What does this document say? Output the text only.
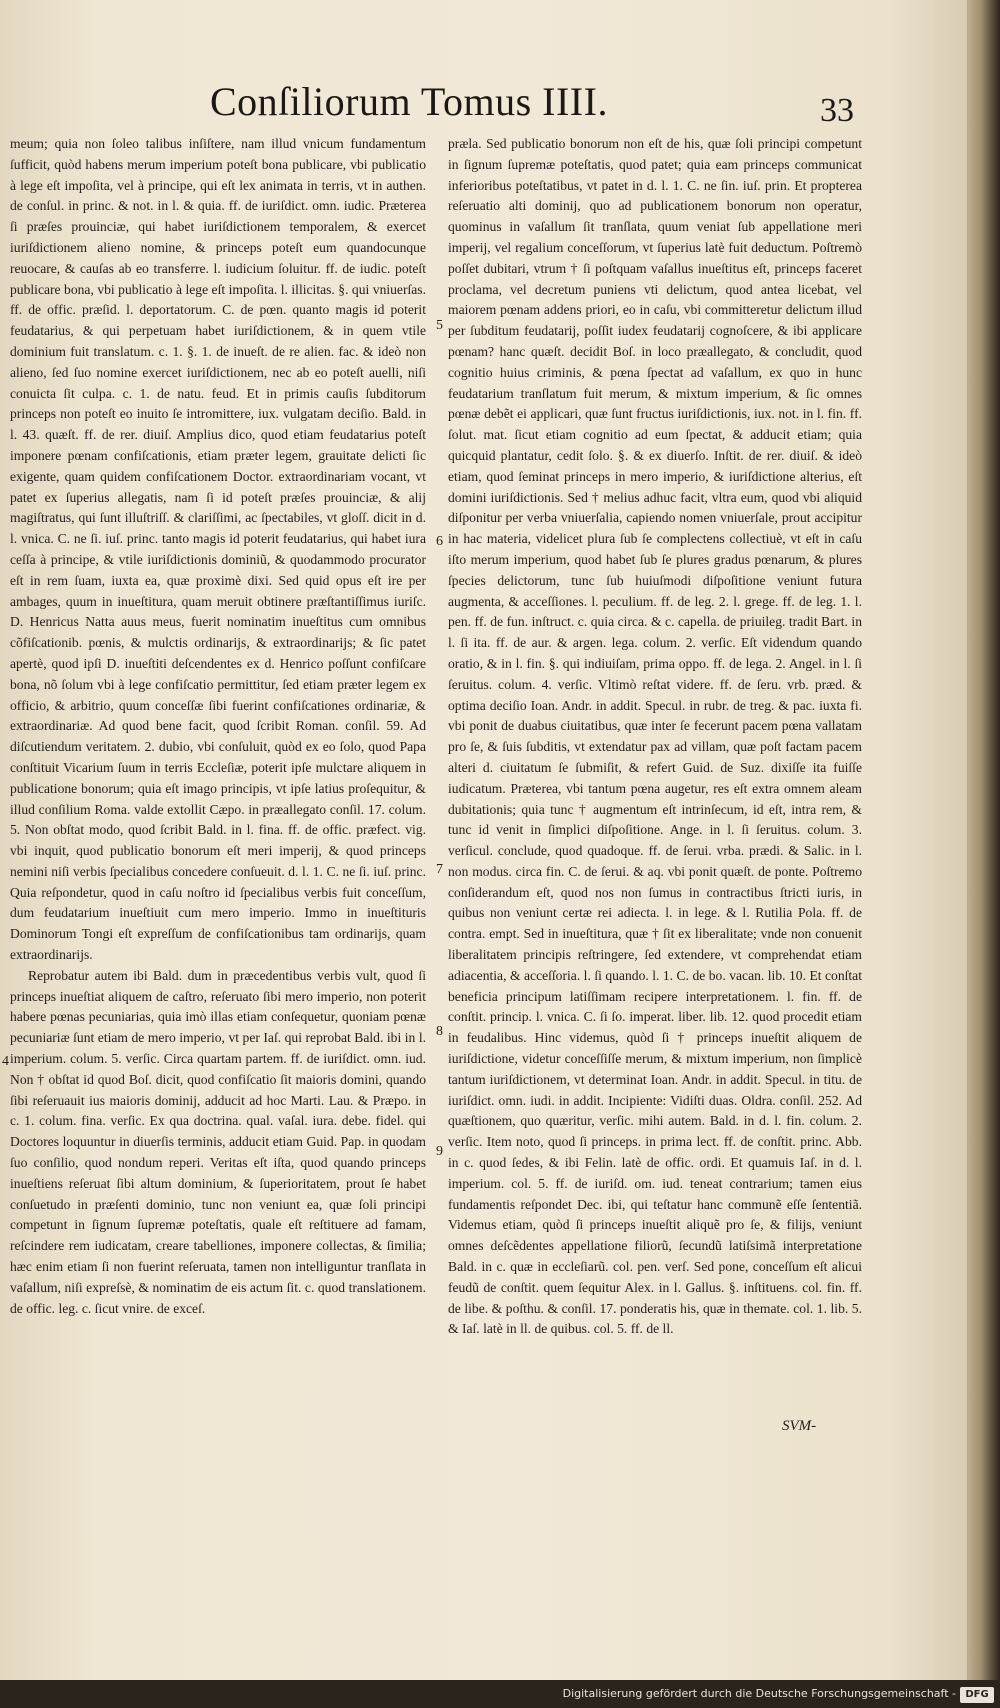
Conſiliorum Tomus IIII.	33

meum; quia non ſoleo talibus inſiſtere, nam illud vnicum fundamentum ſufficit, quòd habens merum imperium poteſt bona publicare, vbi publicatio à lege eſt impoſita, vel à principe, qui eſt lex animata in terris, vt in authen. de conſul. in princ. & not. in l. & quia. ff. de iuriſdict. omn. iudic. Præterea ſi præſes prouinciæ, qui habet iuriſdictionem temporalem, & exercet iuriſdictionem alieno nomine, & princeps poteſt eum quandocunque reuocare, & cauſas ab eo transferre. l. iudicium ſoluitur. ff. de iudic. poteſt publicare bona, vbi publicatio à lege eſt impoſita. l. illicitas. §. qui vniuerſas. ff. de offic. præſid. l. deportatorum. C. de pœn. quanto magis id poterit feudatarius, & qui perpetuam habet iuriſdictionem, & in quem vtile dominium fuit translatum. c. 1. §. 1. de inueſt. de re alien. fac. & ideò non alieno, ſed ſuo nomine exercet iuriſdictionem, nec ab eo poteſt auelli, niſi conuicta ſit culpa. c. 1. de natu. feud. Et in primis cauſis ſubditorum princeps non poteſt eo inuito ſe intromittere, iux. vulgatam deciſio. Bald. in l. 43. quæſt. ff. de rer. diuiſ. Amplius dico, quod etiam feudatarius poteſt imponere pœnam confiſcationis, etiam præter legem, grauitate delicti ſic exigente, quam quidem confiſcationem Doctor. extraordinariam vocant, vt patet ex ſuperius allegatis, nam ſi id poteſt præſes prouinciæ, & alij magiſtratus, qui ſunt illuſtriſſ. & clariſſimi, ac ſpectabiles, vt gloſſ. dicit in d. l. vnica. C. ne ſi. iuſ. princ. tanto magis id poterit feudatarius, qui habet iura ceſſa à principe, & vtile iuriſdictionis dominiũ, & quodammodo procurator eſt in rem ſuam, iuxta ea, quæ proximè dixi. Sed quid opus eſt ire per ambages, quum in inueſtitura, quam meruit obtinere præſtantiſſimus iuriſc. D. Henricus Natta auus meus, fuerit nominatim inueſtitus cum omnibus cõfiſcationib. pœnis, & mulctis ordinarijs, & extraordinarijs; & ſic patet apertè, quod ipſi D. inueſtiti deſcendentes ex d. Henrico poſſunt confiſcare bona, nõ ſolum vbi à lege confiſcatio permittitur, ſed etiam præter legem ex officio, & arbitrio, quum conceſſæ ſibi fuerint confiſcationes ordinariæ, & extraordinariæ. Ad quod bene facit, quod ſcribit Roman. conſil. 59. Ad diſcutiendum veritatem. 2. dubio, vbi conſuluit, quòd ex eo ſolo, quod Papa conſtituit Vicarium ſuum in terris Eccleſiæ, poterit ipſe mulctare aliquem in publicatione bonorum; quia eſt imago principis, vt ipſe latius proſequitur, & illud conſilium Roma. valde extollit Cæpo. in præallegato conſil. 17. colum. 5. Non obſtat modo, quod ſcribit Bald. in l. fina. ff. de offic. præfect. vig. vbi inquit, quod publicatio bonorum eſt meri imperij, & quod princeps nemini niſi verbis ſpecialibus concedere conſueuit. d. l. 1. C. ne ſi. iuſ. princ. Quia reſpondetur, quod in caſu noſtro id ſpecialibus verbis fuit conceſſum, dum feudatarium inueſtiuit cum mero imperio. Immo in inueſtituris Dominorum Tongi eſt expreſſum de confiſcationibus tam ordinarijs, quam extraordinarijs.

Reprobatur autem ibi Bald. dum in præcedentibus verbis vult, quod ſi princeps inueſtiat aliquem de caſtro, reſeruato ſibi mero imperio, non poterit habere pœnas pecuniarias, quia imò illas etiam conſequetur, quoniam pœnæ pecuniariæ ſunt etiam de mero imperio, vt per Iaſ. qui reprobat Bald. ibi in l. imperium. colum. 5. verſic. Circa quartam partem. ff. de iuriſdict. omn. iud. Non † obſtat id quod Boſ. dicit, quod confiſcatio ſit maioris domini, quando ſibi reſeruauit ius maioris dominij, adducit ad hoc Marti. Lau. & Præpo. in c. 1. colum. fina. verſic. Ex qua doctrina. qual. vaſal. iura. debe. fidel. qui Doctores loquuntur in diuerſis terminis, adducit etiam Guid. Pap. in quodam ſuo conſilio, quod nondum reperi. Veritas eſt iſta, quod quando princeps inueſtiens reſeruat ſibi altum dominium, & ſuperioritatem, prout ſe habet conſuetudo in præſenti dominio, tunc non veniunt ea, quæ ſoli principi competunt in ſignum ſupremæ poteſtatis, quale eſt reſtituere ad famam, reſcindere rem iudicatam, creare tabelliones, imponere collectas, & ſimilia; hæc enim etiam ſi non fuerint reſeruata, tamen non intelliguntur tranſlata in vaſallum, niſi expreſsè, & nominatim de eis actum ſit. c. quod translationem. de offic. leg. c. ſicut vnire. de exceſ.

præla. Sed publicatio bonorum non eſt de his, quæ ſoli principi competunt in ſignum ſupremæ poteſtatis, quod patet; quia eam princeps communicat inferioribus poteſtatibus, vt patet in d. l. 1. C. ne ſin. iuſ. prin. Et propterea reſeruatio alti dominij, quo ad publicationem bonorum non operatur, quominus in vaſallum ſit tranſlata, quum veniat ſub appellatione meri imperij, vel regalium conceſſorum, vt ſuperius latè fuit deductum. Poſtremò poſſet dubitari, vtrum † ſi poſtquam vaſallus inueſtitus eſt, princeps faceret proclama, vel decretum puniens vti delictum, quod antea licebat, vel maiorem pœnam addens priori, eo in caſu, vbi committeretur delictum illud per ſubditum feudatarij, poſſit iudex feudatarij cognoſcere, & ibi applicare pœnam? hanc quæſt. decidit Boſ. in loco præallegato, & concludit, quod cognitio huius criminis, & pœna ſpectat ad vaſallum, ex quo in hunc feudatarium tranſlatum fuit merum, & mixtum imperium, & ſic omnes pœnæ debẽt ei applicari, quæ ſunt fructus iuriſdictionis, iux. not. in l. fin. ff. ſolut. mat. ſicut etiam cognitio ad eum ſpectat, & adducit etiam; quia quicquid plantatur, cedit ſolo. §. & ex diuerſo. Inſtit. de rer. diuiſ. & ideò etiam, quod ſeminat princeps in mero imperio, & iuriſdictione alterius, eſt domini iuriſdictionis. Sed † melius adhuc facit, vltra eum, quod vbi aliquid diſponitur per verba vniuerſalia, capiendo nomen vniuerſale, prout accipitur in hac materia, videlicet plura ſub ſe complectens collectiuè, vt eſt in caſu iſto merum imperium, quod habet ſub ſe plures gradus pœnarum, & plures ſpecies delictorum, tunc ſub huiuſmodi diſpoſitione veniunt futura augmenta, & acceſſiones. l. peculium. ff. de leg. 2. l. grege. ff. de leg. 1. l. pen. ff. de fun. inſtruct. c. quia circa. & c. capella. de priuileg. tradit Bart. in l. ſi ita. ff. de aur. & argen. lega. colum. 2. verſic. Eſt videndum quando oratio, & in l. fin. §. qui indiuiſam, prima oppo. ff. de lega. 2. Angel. in l. ſi ſeruitus. colum. 4. verſic. Vltimò reſtat videre. ff. de ſeru. vrb. præd. & optima deciſio Ioan. Andr. in addit. Specul. in rubr. de treg. & pac. iuxta fi. vbi ponit de duabus ciuitatibus, quæ inter ſe fecerunt pacem pœna vallatam pro ſe, & ſuis ſubditis, vt extendatur pax ad villam, quæ poſt factam pacem alteri d. ciuitatum ſe ſubmiſit, & refert Guid. de Suz. dixiſſe ita fuiſſe iudicatum. Præterea, vbi tantum pœna augetur, res eſt extra omnem aleam dubitationis; quia tunc † augmentum eſt intrinſecum, id eſt, intra rem, & tunc id venit in ſimplici diſpoſitione. Ange. in l. ſi ſeruitus. colum. 3. verſicul. conclude, quod quadoque. ff. de ſerui. vrba. prædi. & Salic. in l. non modus. circa fin. C. de ſerui. & aq. vbi ponit quæſt. de ponte. Poſtremo conſiderandum eſt, quod nos non ſumus in contractibus ſtricti iuris, in quibus non veniunt certæ rei adiecta. l. in lege. & l. Rutilia Pola. ff. de contra. empt. Sed in inueſtitura, quæ † ſit ex liberalitate; vnde non conuenit liberalitatem principis reſtringere, ſed extendere, vt comprehendat etiam adiacentia, & acceſſoria. l. ſi quando. l. 1. C. de bo. vacan. lib. 10. Et conſtat beneficia principum latiſſimam recipere interpretationem. l. fin. ff. de conſtit. princip. l. vnica. C. ſi ſo. imperat. liber. lib. 12. quod procedit etiam in feudalibus. Hinc videmus, quòd ſi † princeps inueſtit aliquem de iuriſdictione, videtur conceſſiſſe merum, & mixtum imperium, non ſimplicè tantum iuriſdictionem, vt determinat Ioan. Andr. in addit. Specul. in titu. de iuriſdict. omn. iudi. in addit. Incipiente: Vidiſti duas. Oldra. conſil. 252. Ad quæſtionem, quo quæritur, verſic. mihi autem. Bald. in d. l. fin. colum. 2. verſic. Item noto, quod ſi princeps. in prima lect. ff. de conſtit. princ. Abb. in c. quod ſedes, & ibi Felin. latè de offic. ordi. Et quamuis Iaſ. in d. l. imperium. col. 5. ff. de iuriſd. om. iud. teneat contrarium; tamen eius fundamentis reſpondet Dec. ibi, qui teſtatur hanc communẽ eſſe ſententiã. Videmus etiam, quòd ſi princeps inueſtit aliquẽ pro ſe, & filijs, veniunt omnes deſcẽdentes appellatione filiorũ, ſecundũ latiſsimã interpretatione Bald. in c. quæ in eccleſiarũ. col. pen. verſ. Sed pone, conceſſum eſt alicui feudũ de conſtit. quem ſequitur Alex. in l. Gallus. §. inſtituens. col. fin. ff. de libe. & poſthu. & conſil. 17. ponderatis his, quæ in themate. col. 1. lib. 5. & Iaſ. latè in ll. de quibus. col. 5. ff. de ll.

4
5
6
7
8
9
SVM-
Digitalisierung gefördert durch die Deutsche Forschungsgemeinschaft - DFG
